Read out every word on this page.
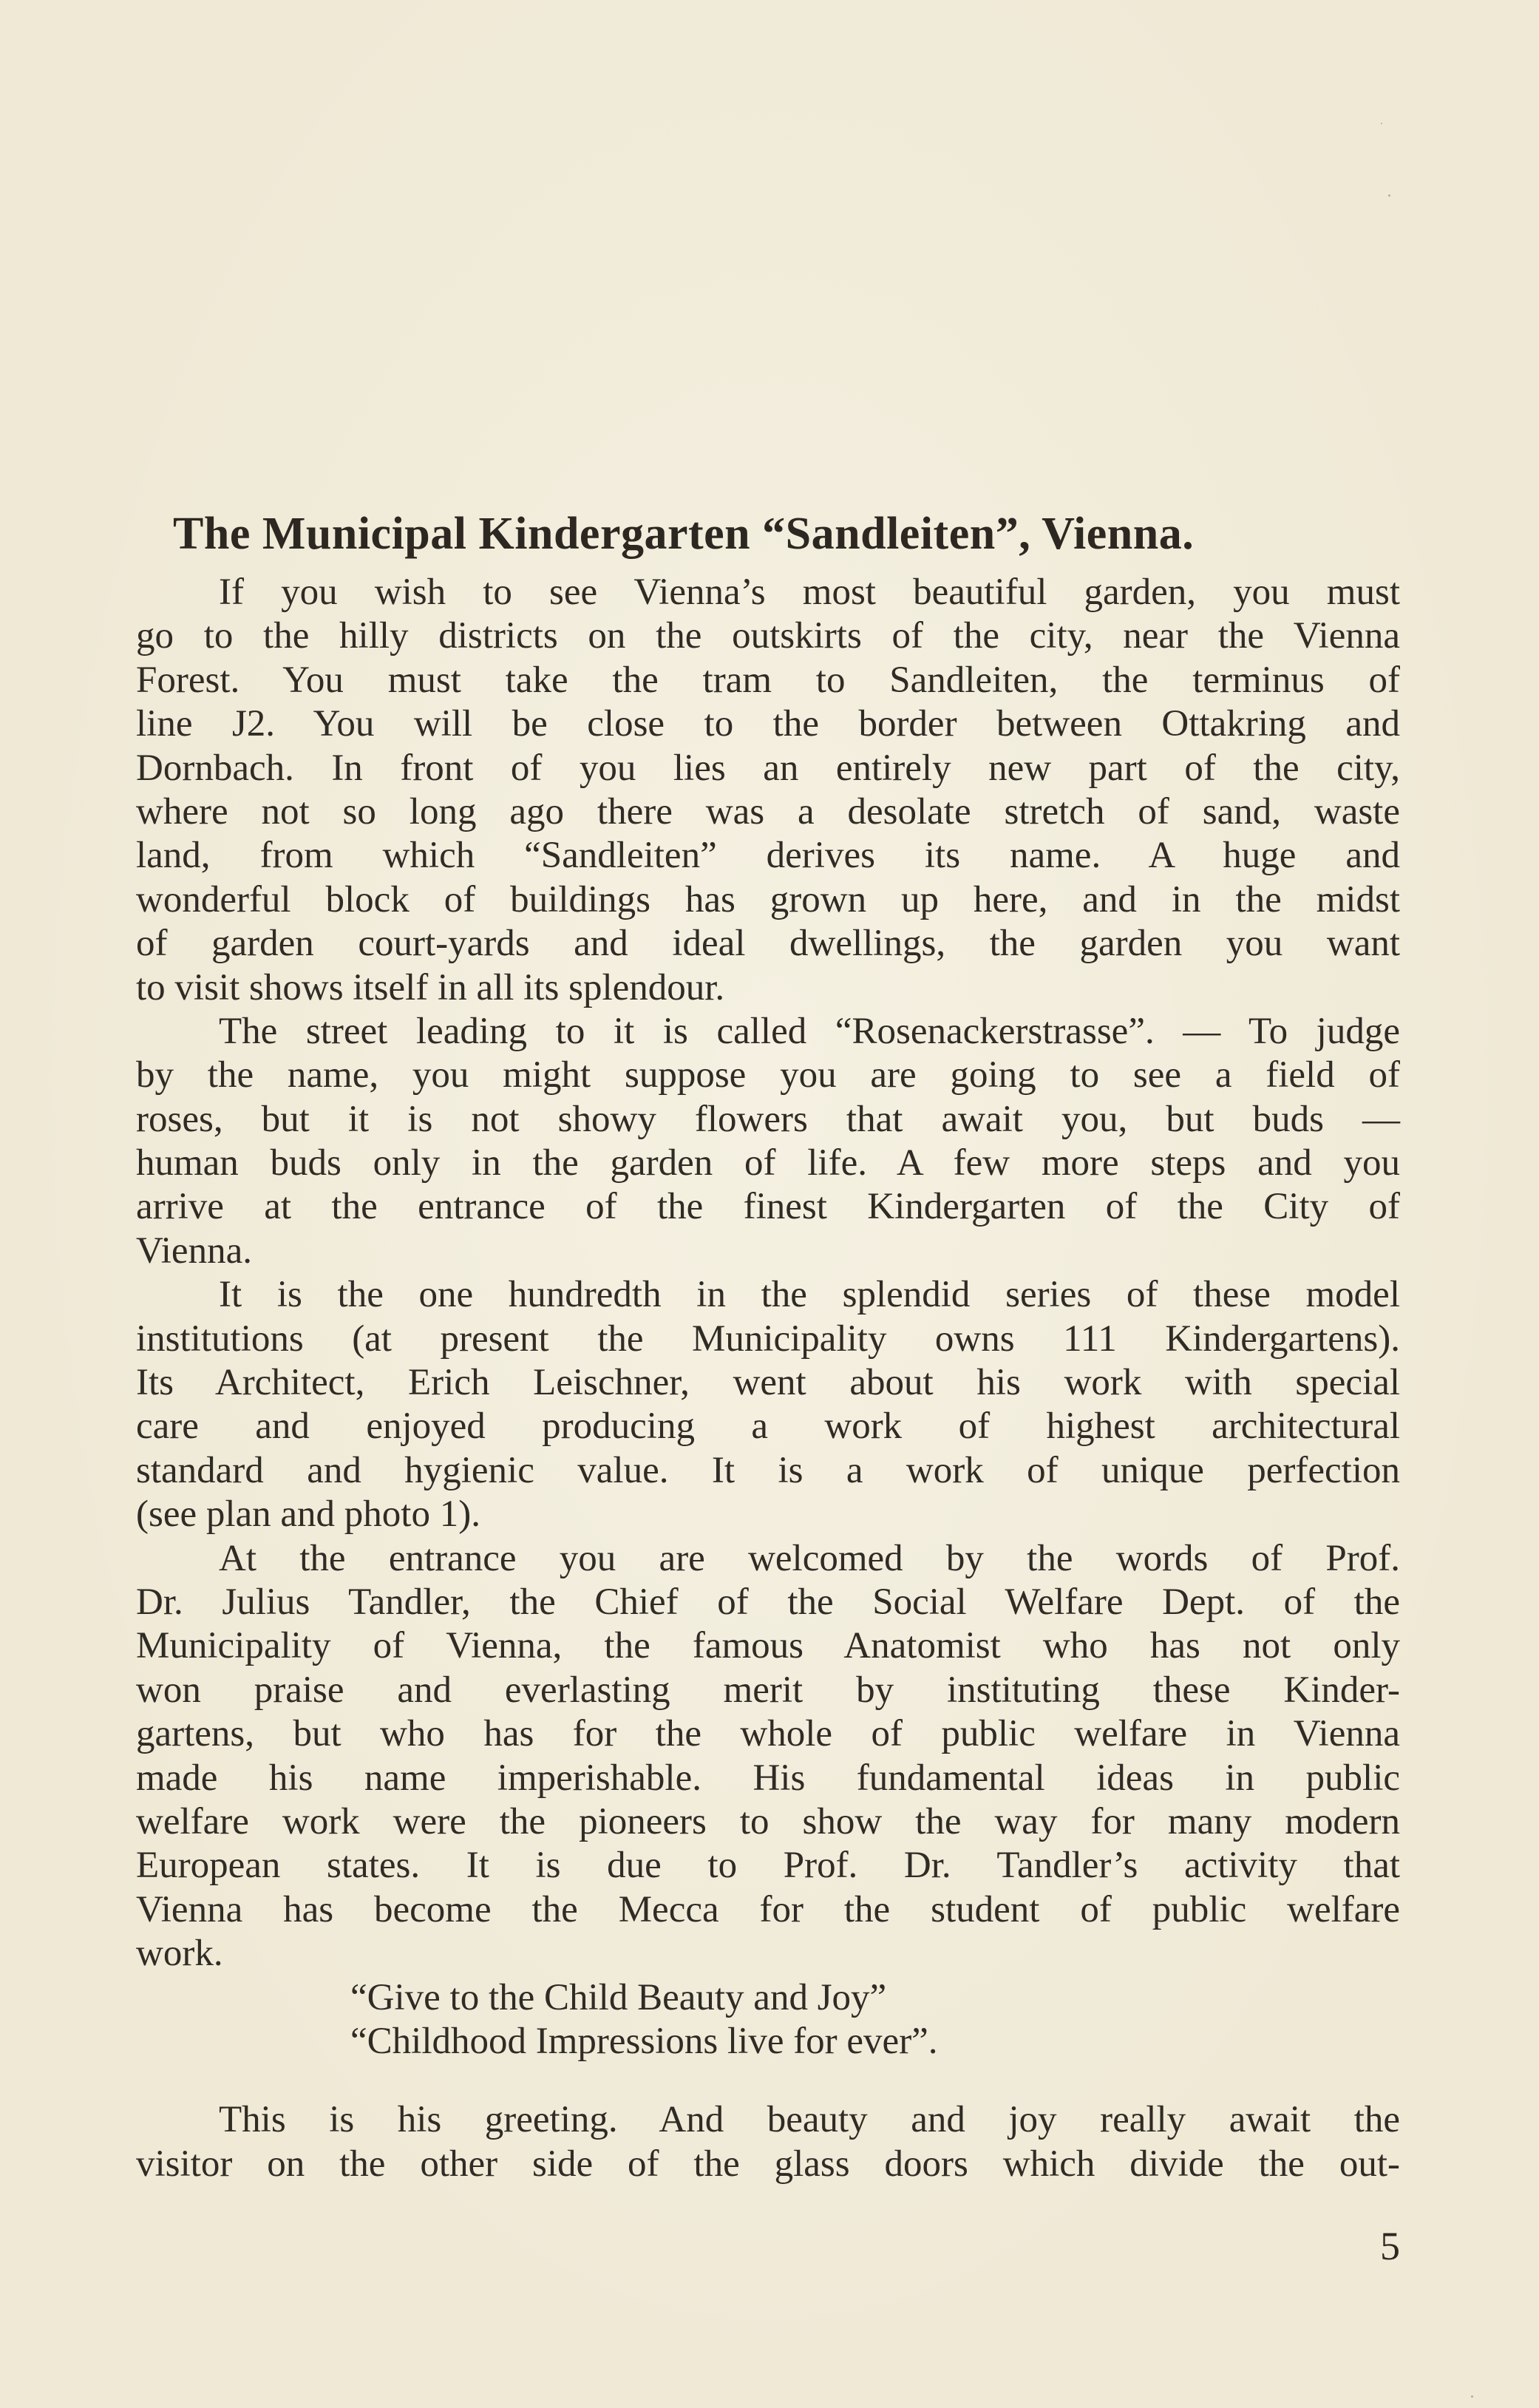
The Municipal Kindergarten “Sandleiten”, Vienna.
If you wish to see Vienna’s most beautiful garden, you must
go to the hilly districts on the outskirts of the city, near the Vienna
Forest. You must take the tram to Sandleiten, the terminus of
line J2. You will be close to the border between Ottakring and
Dornbach. In front of you lies an entirely new part of the city,
where not so long ago there was a desolate stretch of sand, waste
land, from which “Sandleiten” derives its name. A huge and
wonderful block of buildings has grown up here, and in the midst
of garden court-yards and ideal dwellings, the garden you want
to visit shows itself in all its splendour.
The street leading to it is called “Rosenackerstrasse”. — To judge
by the name, you might suppose you are going to see a field of
roses, but it is not showy flowers that await you, but buds —
human buds only in the garden of life. A few more steps and you
arrive at the entrance of the finest Kindergarten of the City of
Vienna.
It is the one hundredth in the splendid series of these model
institutions (at present the Municipality owns 111 Kindergartens).
Its Architect, Erich Leischner, went about his work with special
care and enjoyed producing a work of highest architectural
standard and hygienic value. It is a work of unique perfection
(see plan and photo 1).
At the entrance you are welcomed by the words of Prof.
Dr. Julius Tandler, the Chief of the Social Welfare Dept. of the
Municipality of Vienna, the famous Anatomist who has not only
won praise and everlasting merit by instituting these Kinder-
gartens, but who has for the whole of public welfare in Vienna
made his name imperishable. His fundamental ideas in public
welfare work were the pioneers to show the way for many modern
European states. It is due to Prof. Dr. Tandler’s activity that
Vienna has become the Mecca for the student of public welfare
work.
“Give to the Child Beauty and Joy”
“Childhood Impressions live for ever”.
This is his greeting. And beauty and joy really await the
visitor on the other side of the glass doors which divide the out-
5
